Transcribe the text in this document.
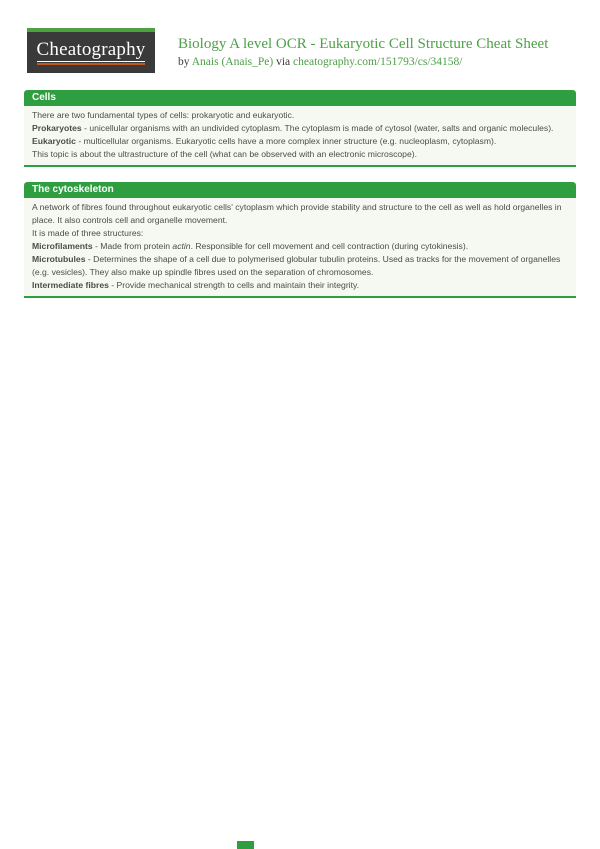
Cheatography Biology A level OCR - Eukaryotic Cell Structure Cheat Sheet

by Anais (Anais_Pe) via cheatography.com/151793/cs/34158/

Cells

There are two fundamental types of cells: prokaryotic and eukaryotic.

Prokaryotes - unicellular organisms with an undivided cytoplasm. The cytoplasm is made of cytosol (water, salts and organic molecules).

Eukaryotic - multicellular organisms. Eukaryotic cells have a more complex inner structure (e.g. nucleoplasm, cytoplasm).

This topic is about the ultrastructure of the cell (what can be observed with an electronic microscope).

The cytoskeleton

A network of fibres found throughout eukaryotic cells' cytoplasm which provide stability and structure to the cell as well as hold organelles in place. It also controls cell and organelle movement.

It is made of three structures:

Microfilaments - Made from protein actin. Responsible for cell movement and cell contraction (during cytokinesis).

Microtubules - Determines the shape of a cell due to polymerised globular tubulin proteins. Used as tracks for the movement of organelles (e.g. vesicles). They also make up spindle fibres used on the separation of chromosomes.

Intermediate fibres - Provide mechanical strength to cells and maintain their integrity.
